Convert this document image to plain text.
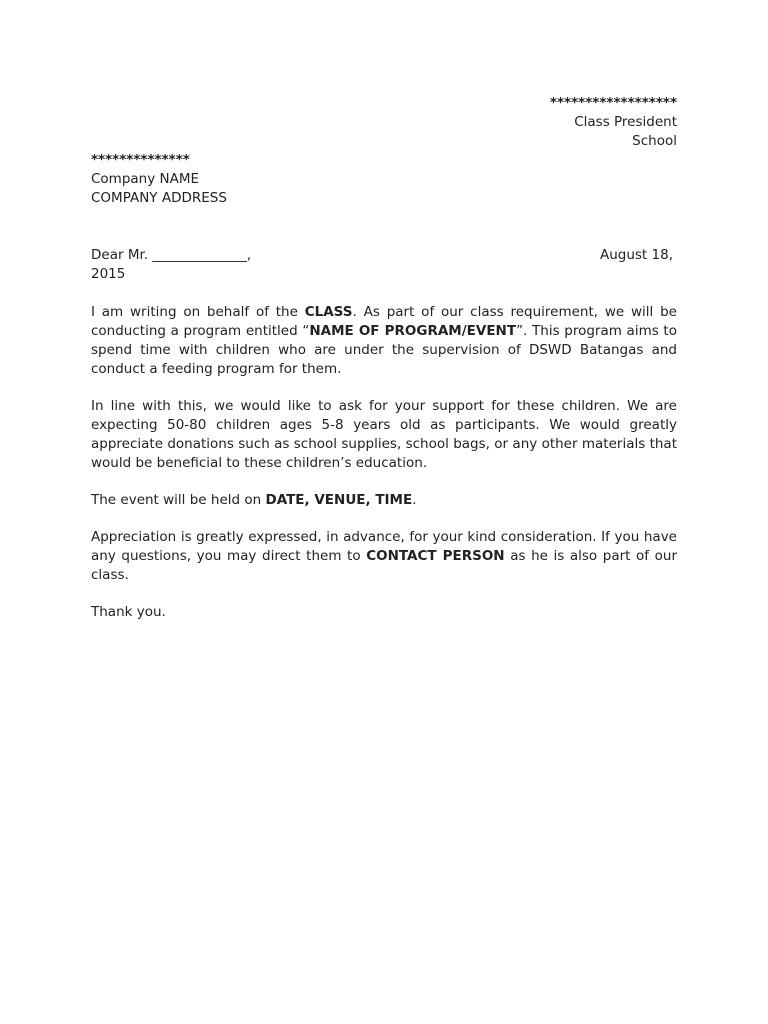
******************
Class President
School
**************
Company NAME
COMPANY ADDRESS
Dear Mr. ______________,	August 18,
2015

I am writing on behalf of the CLASS. As part of our class requirement, we will be conducting a program entitled “NAME OF PROGRAM/EVENT”. This program aims to spend time with children who are under the supervision of DSWD Batangas and conduct a feeding program for them.

In line with this, we would like to ask for your support for these children. We are expecting 50-80 children ages 5-8 years old as participants. We would greatly appreciate donations such as school supplies, school bags, or any other materials that would be beneficial to these children’s education.

The event will be held on DATE, VENUE, TIME.

Appreciation is greatly expressed, in advance, for your kind consideration. If you have any questions, you may direct them to CONTACT PERSON as he is also part of our class.

Thank you.
